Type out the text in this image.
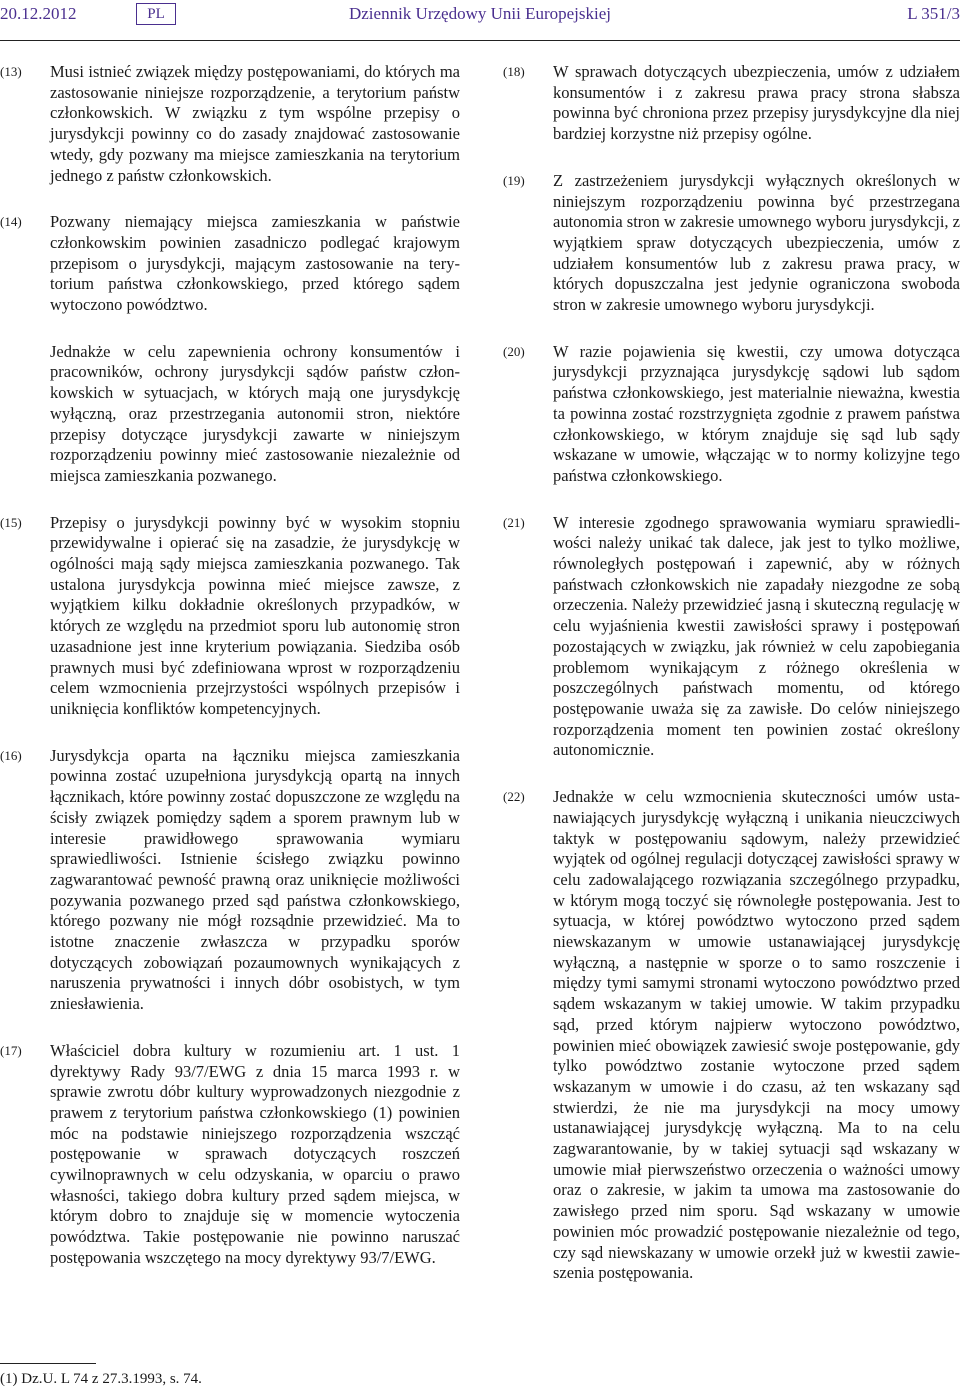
20.12.2012	PL	Dziennik Urzędowy Unii Europejskiej	L 351/3
(13)	Musi istnieć związek między postępowaniami, do których ma zastosowanie niniejsze rozporządzenie, a terytorium państw członkowskich. W związku z tym wspólne przepisy o jurysdykcji powinny co do zasady znajdować zastosowanie wtedy, gdy pozwany ma miejsce zamieszkania na terytorium jednego z państw członkowskich.

(14)	Pozwany niemający miejsca zamieszkania w państwie członkowskim powinien zasadniczo podlegać krajowym przepisom o jurysdykcji, mającym zastosowanie na terytorium państwa członkowskiego, przed którego sądem wytoczono powództwo.

Jednakże w celu zapewnienia ochrony konsumentów i pracowników, ochrony jurysdykcji sądów państw członkowskich w sytuacjach, w których mają one jurysdykcję wyłączną, oraz przestrzegania autonomii stron, niektóre przepisy dotyczące jurysdykcji zawarte w niniejszym rozporządzeniu powinny mieć zastosowanie niezależnie od miejsca zamieszkania pozwanego.

(15)	Przepisy o jurysdykcji powinny być w wysokim stopniu przewidywalne i opierać się na zasadzie, że jurysdykcję w ogólności mają sądy miejsca zamieszkania pozwanego. Tak ustalona jurysdykcja powinna mieć miejsce zawsze, z wyjątkiem kilku dokładnie określonych przypadków, w których ze względu na przedmiot sporu lub autonomię stron uzasadnione jest inne kryterium powiązania. Siedziba osób prawnych musi być zdefiniowana wprost w rozporządzeniu celem wzmocnienia przejrzystości wspólnych przepisów i uniknięcia konfliktów kompetencyjnych.

(16)	Jurysdykcja oparta na łączniku miejsca zamieszkania powinna zostać uzupełniona jurysdykcją opartą na innych łącznikach, które powinny zostać dopuszczone ze względu na ścisły związek pomiędzy sądem a sporem prawnym lub w interesie prawidłowego sprawowania wymiaru sprawiedliwości. Istnienie ścisłego związku powinno zagwarantować pewność prawną oraz uniknięcie możliwości pozywania pozwanego przed sąd państwa członkowskiego, którego pozwany nie mógł rozsądnie przewidzieć. Ma to istotne znaczenie zwłaszcza w przypadku sporów dotyczących zobowiązań pozaumownych wynikających z naruszenia prywatności i innych dóbr osobistych, w tym zniesławienia.

(17)	Właściciel dobra kultury w rozumieniu art. 1 ust. 1 dyrektywy Rady 93/7/EWG z dnia 15 marca 1993 r. w sprawie zwrotu dóbr kultury wyprowadzonych niezgodnie z prawem z terytorium państwa członkowskiego (1) powinien móc na podstawie niniejszego rozporządzenia wszcząć postępowanie w sprawach dotyczących roszczeń cywilnoprawnych w celu odzyskania, w oparciu o prawo własności, takiego dobra kultury przed sądem miejsca, w którym dobro to znajduje się w momencie wytoczenia powództwa. Takie postępowanie nie powinno naruszać postępowania wszczętego na mocy dyrektywy 93/7/EWG.

(18)	W sprawach dotyczących ubezpieczenia, umów z udziałem konsumentów i z zakresu prawa pracy strona słabsza powinna być chroniona przez przepisy jurysdykcyjne dla niej bardziej korzystne niż przepisy ogólne.

(19)	Z zastrzeżeniem jurysdykcji wyłącznych określonych w niniejszym rozporządzeniu powinna być przestrzegana autonomia stron w zakresie umownego wyboru jurysdykcji, z wyjątkiem spraw dotyczących ubezpieczenia, umów z udziałem konsumentów lub z zakresu prawa pracy, w których dopuszczalna jest jedynie ograniczona swoboda stron w zakresie umownego wyboru jurysdykcji.

(20)	W razie pojawienia się kwestii, czy umowa dotycząca jurysdykcji przyznająca jurysdykcję sądowi lub sądom państwa członkowskiego, jest materialnie nieważna, kwestia ta powinna zostać rozstrzygnięta zgodnie z prawem państwa członkowskiego, w którym znajduje się sąd lub sądy wskazane w umowie, włączając w to normy kolizyjne tego państwa członkowskiego.

(21)	W interesie zgodnego sprawowania wymiaru sprawiedliwości należy unikać tak dalece, jak jest to tylko możliwe, równoległych postępowań i zapewnić, aby w różnych państwach członkowskich nie zapadały niezgodne ze sobą orzeczenia. Należy przewidzieć jasną i skuteczną regulację w celu wyjaśnienia kwestii zawisłości sprawy i postępowań pozostających w związku, jak również w celu zapobiegania problemom wynikającym z różnego określenia w poszczególnych państwach momentu, od którego postępowanie uważa się za zawisłe. Do celów niniejszego rozporządzenia moment ten powinien zostać określony autonomicznie.

(22)	Jednakże w celu wzmocnienia skuteczności umów ustanawiających jurysdykcję wyłączną i unikania nieuczciwych taktyk w postępowaniu sądowym, należy przewidzieć wyjątek od ogólnej regulacji dotyczącej zawisłości sprawy w celu zadowalającego rozwiązania szczególnego przypadku, w którym mogą toczyć się równoległe postępowania. Jest to sytuacja, w której powództwo wytoczono przed sądem niewskazanym w umowie ustanawiającej jurysdykcję wyłączną, a następnie w sporze o to samo roszczenie i między tymi samymi stronami wytoczono powództwo przed sądem wskazanym w takiej umowie. W takim przypadku sąd, przed którym najpierw wytoczono powództwo, powinien mieć obowiązek zawiesić swoje postępowanie, gdy tylko powództwo zostanie wytoczone przed sądem wskazanym w umowie i do czasu, aż ten wskazany sąd stwierdzi, że nie ma jurysdykcji na mocy umowy ustanawiającej jurysdykcję wyłączną. Ma to na celu zagwarantowanie, by w takiej sytuacji sąd wskazany w umowie miał pierwszeństwo orzeczenia o ważności umowy oraz o zakresie, w jakim ta umowa ma zastosowanie do zawisłego przed nim sporu. Sąd wskazany w umowie powinien móc prowadzić postępowanie niezależnie od tego, czy sąd niewskazany w umowie orzekł już w kwestii zawieszenia postępowania.

(1) Dz.U. L 74 z 27.3.1993, s. 74.
